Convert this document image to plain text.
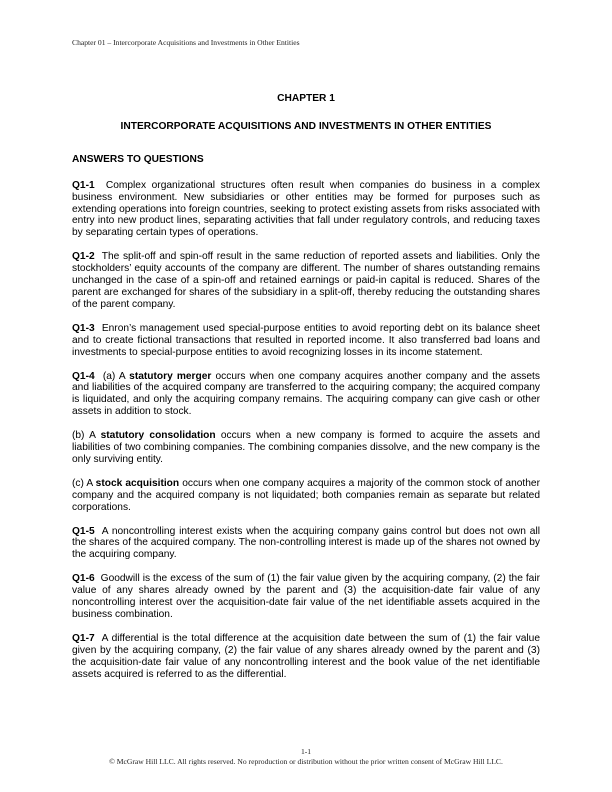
Chapter 01 – Intercorporate Acquisitions and Investments in Other Entities

CHAPTER 1

INTERCORPORATE ACQUISITIONS AND INVESTMENTS IN OTHER ENTITIES

ANSWERS TO QUESTIONS

Q1-1 Complex organizational structures often result when companies do business in a complex business environment. New subsidiaries or other entities may be formed for purposes such as extending operations into foreign countries, seeking to protect existing assets from risks associated with entry into new product lines, separating activities that fall under regulatory controls, and reducing taxes by separating certain types of operations.

Q1-2 The split-off and spin-off result in the same reduction of reported assets and liabilities. Only the stockholders’ equity accounts of the company are different. The number of shares outstanding remains unchanged in the case of a spin-off and retained earnings or paid-in capital is reduced. Shares of the parent are exchanged for shares of the subsidiary in a split-off, thereby reducing the outstanding shares of the parent company.

Q1-3 Enron’s management used special-purpose entities to avoid reporting debt on its balance sheet and to create fictional transactions that resulted in reported income. It also transferred bad loans and investments to special-purpose entities to avoid recognizing losses in its income statement.

Q1-4 (a) A statutory merger occurs when one company acquires another company and the assets and liabilities of the acquired company are transferred to the acquiring company; the acquired company is liquidated, and only the acquiring company remains. The acquiring company can give cash or other assets in addition to stock.

(b) A statutory consolidation occurs when a new company is formed to acquire the assets and liabilities of two combining companies. The combining companies dissolve, and the new company is the only surviving entity.

(c) A stock acquisition occurs when one company acquires a majority of the common stock of another company and the acquired company is not liquidated; both companies remain as separate but related corporations.

Q1-5 A noncontrolling interest exists when the acquiring company gains control but does not own all the shares of the acquired company. The non-controlling interest is made up of the shares not owned by the acquiring company.

Q1-6 Goodwill is the excess of the sum of (1) the fair value given by the acquiring company, (2) the fair value of any shares already owned by the parent and (3) the acquisition-date fair value of any noncontrolling interest over the acquisition-date fair value of the net identifiable assets acquired in the business combination.

Q1-7 A differential is the total difference at the acquisition date between the sum of (1) the fair value given by the acquiring company, (2) the fair value of any shares already owned by the parent and (3) the acquisition-date fair value of any noncontrolling interest and the book value of the net identifiable assets acquired is referred to as the differential.

1-1
© McGraw Hill LLC. All rights reserved. No reproduction or distribution without the prior written consent of McGraw Hill LLC.
